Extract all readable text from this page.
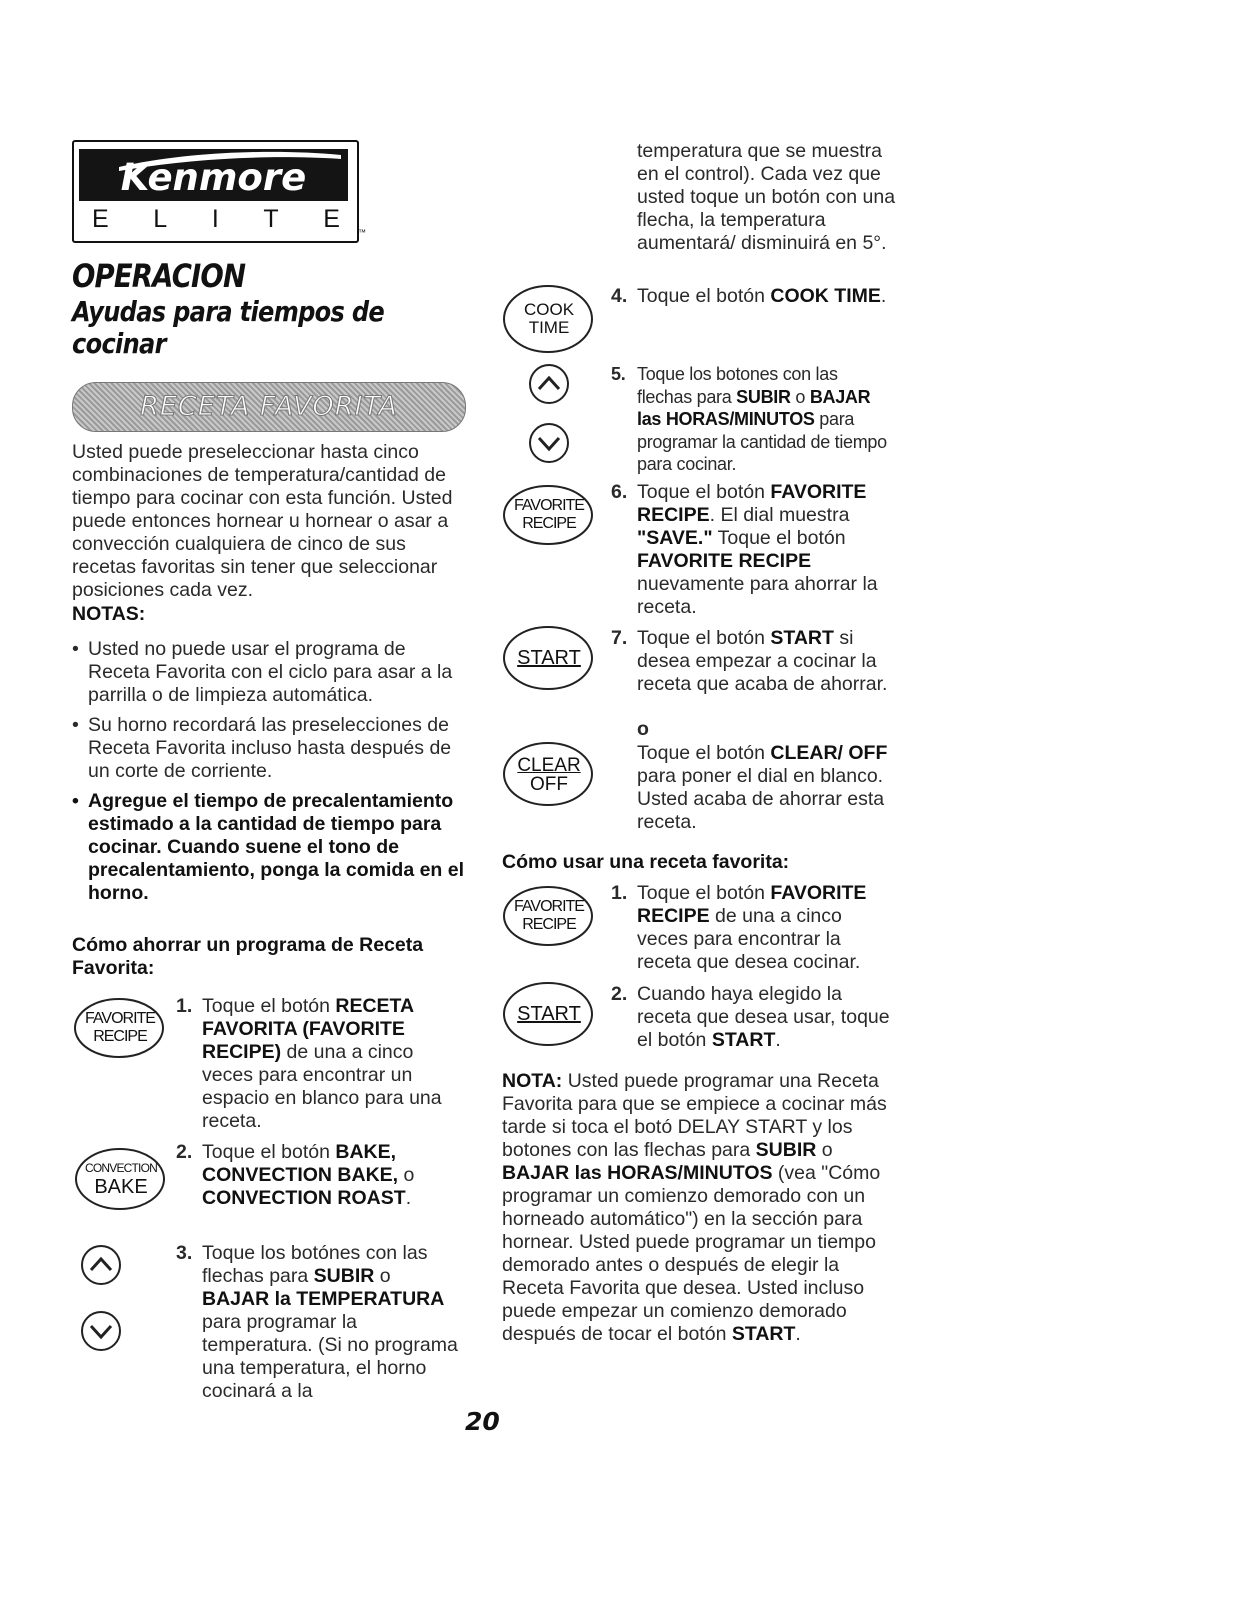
Kenmore
E L I T E ™
OPERACION
Ayudas para tiempos de cocinar
RECETA FAVORITA
Usted puede preseleccionar hasta cinco combinaciones de temperatura/cantidad de tiempo para cocinar con esta función. Usted puede entonces hornear u hornear o asar a convección cualquiera de cinco de sus recetas favoritas sin tener que seleccionar posiciones cada vez.
NOTAS:
• Usted no puede usar el programa de Receta Favorita con el ciclo para asar a la parrilla o de limpieza automática.
• Su horno recordará las preselecciones de Receta Favorita incluso hasta después de un corte de corriente.
• Agregue el tiempo de precalentamiento estimado a la cantidad de tiempo para cocinar. Cuando suene el tono de precalentamiento, ponga la comida en el horno.
Cómo ahorrar un programa de Receta Favorita:
1. Toque el botón RECETA FAVORITA (FAVORITE RECIPE) de una a cinco veces para encontrar un espacio en blanco para una receta.
2. Toque el botón BAKE, CONVECTION BAKE, o CONVECTION ROAST.
3. Toque los botónes con las flechas para SUBIR o BAJAR la TEMPERATURA para programar la temperatura. (Si no programa una temperatura, el horno cocinará a la
temperatura que se muestra en el control). Cada vez que usted toque un botón con una flecha, la temperatura aumentará/ disminuirá en 5°.
4. Toque el botón COOK TIME.
5. Toque los botones con las flechas para SUBIR o BAJAR las HORAS/MINUTOS para programar la cantidad de tiempo para cocinar.
6. Toque el botón FAVORITE RECIPE. El dial muestra "SAVE." Toque el botón FAVORITE RECIPE nuevamente para ahorrar la receta.
7. Toque el botón START si desea empezar a cocinar la receta que acaba de ahorrar.
o
Toque el botón CLEAR/ OFF para poner el dial en blanco. Usted acaba de ahorrar esta receta.
Cómo usar una receta favorita:
1. Toque el botón FAVORITE RECIPE de una a cinco veces para encontrar la receta que desea cocinar.
2. Cuando haya elegido la receta que desea usar, toque el botón START.
NOTA: Usted puede programar una Receta Favorita para que se empiece a cocinar más tarde si toca el botó DELAY START y los botones con las flechas para SUBIR o BAJAR las HORAS/MINUTOS (vea "Cómo programar un comienzo demorado con un horneado automático") en la sección para hornear. Usted puede programar un tiempo demorado antes o después de elegir la Receta Favorita que desea. Usted incluso puede empezar un comienzo demorado después de tocar el botón START.
FAVORITE
RECIPE
CONVECTION
BAKE
COOK
TIME
FAVORITE
RECIPE
START
CLEAR
OFF
FAVORITE
RECIPE
START
20
